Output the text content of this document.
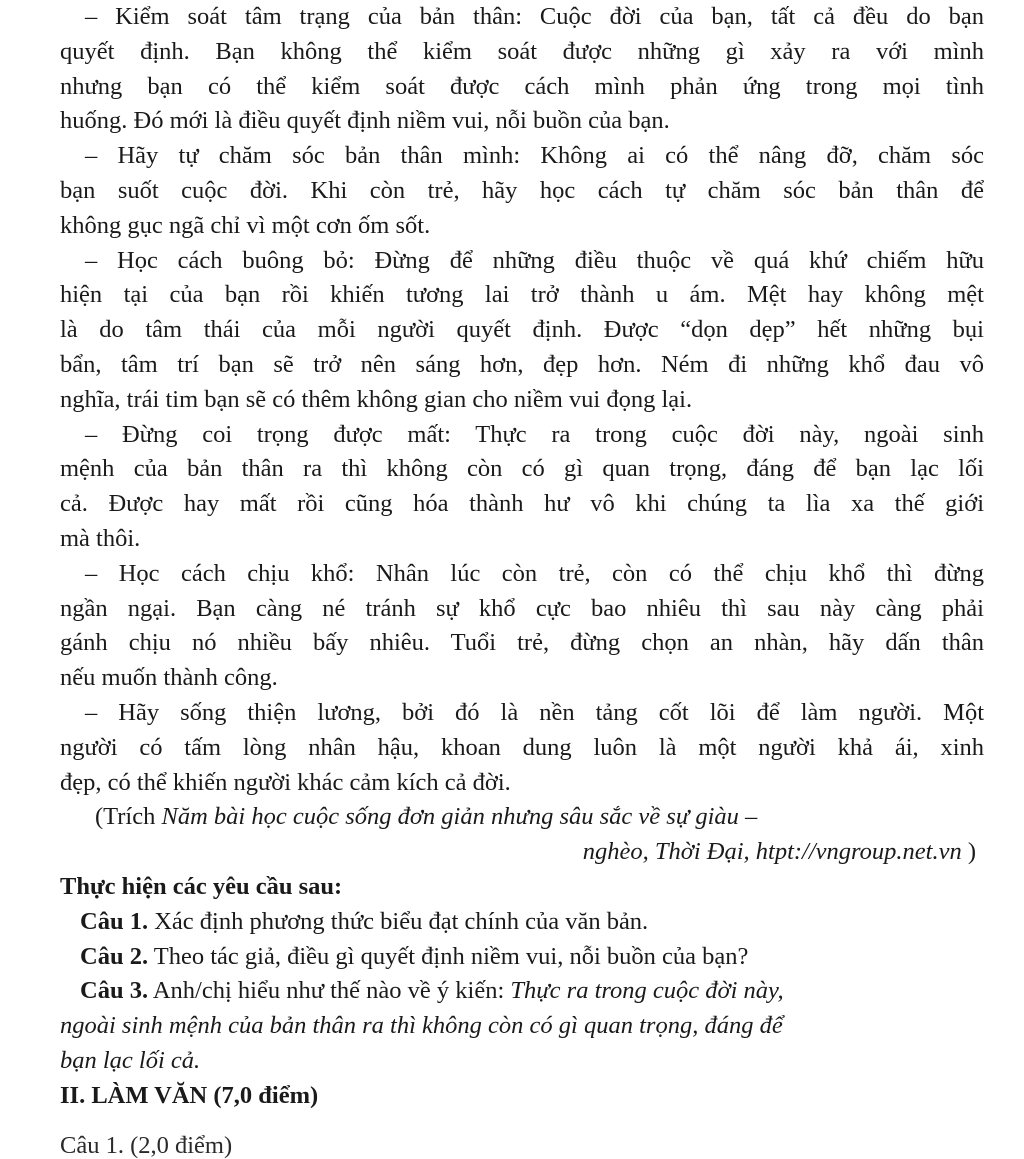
– Kiểm soát tâm trạng của bản thân: Cuộc đời của bạn, tất cả đều do bạn
quyết định. Bạn không thể kiểm soát được những gì xảy ra với mình
nhưng bạn có thể kiểm soát được cách mình phản ứng trong mọi tình
huống. Đó mới là điều quyết định niềm vui, nỗi buồn của bạn.

– Hãy tự chăm sóc bản thân mình: Không ai có thể nâng đỡ, chăm sóc
bạn suốt cuộc đời. Khi còn trẻ, hãy học cách tự chăm sóc bản thân để
không gục ngã chỉ vì một cơn ốm sốt.

– Học cách buông bỏ: Đừng để những điều thuộc về quá khứ chiếm hữu
hiện tại của bạn rồi khiến tương lai trở thành u ám. Mệt hay không mệt
là do tâm thái của mỗi người quyết định. Được “dọn dẹp” hết những bụi
bẩn, tâm trí bạn sẽ trở nên sáng hơn, đẹp hơn. Ném đi những khổ đau vô
nghĩa, trái tim bạn sẽ có thêm không gian cho niềm vui đọng lại.

– Đừng coi trọng được mất: Thực ra trong cuộc đời này, ngoài sinh
mệnh của bản thân ra thì không còn có gì quan trọng, đáng để bạn lạc lối
cả. Được hay mất rồi cũng hóa thành hư vô khi chúng ta lìa xa thế giới
mà thôi.

– Học cách chịu khổ: Nhân lúc còn trẻ, còn có thể chịu khổ thì đừng
ngần ngại. Bạn càng né tránh sự khổ cực bao nhiêu thì sau này càng phải
gánh chịu nó nhiều bấy nhiêu. Tuổi trẻ, đừng chọn an nhàn, hãy dấn thân
nếu muốn thành công.

– Hãy sống thiện lương, bởi đó là nền tảng cốt lõi để làm người. Một
người có tấm lòng nhân hậu, khoan dung luôn là một người khả ái, xinh
đẹp, có thể khiến người khác cảm kích cả đời.

(Trích Năm bài học cuộc sống đơn giản nhưng sâu sắc về sự giàu –
nghèo, Thời Đại, htpt://vngroup.net.vn )

Thực hiện các yêu cầu sau:

Câu 1. Xác định phương thức biểu đạt chính của văn bản.

Câu 2. Theo tác giả, điều gì quyết định niềm vui, nỗi buồn của bạn?

Câu 3. Anh/chị hiểu như thế nào về ý kiến: Thực ra trong cuộc đời này,
ngoài sinh mệnh của bản thân ra thì không còn có gì quan trọng, đáng để
bạn lạc lối cả.

II. LÀM VĂN (7,0 điểm)

Câu 1. (2,0 điểm)
